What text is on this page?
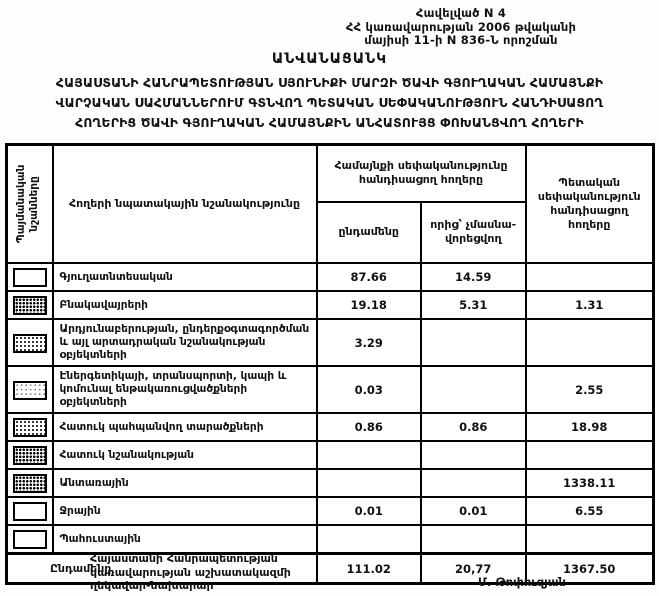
Հավելված N 4
ՀՀ կառավարության 2006 թվականի
մայիսի 11-ի N 836-Ն որոշման
ԱՆՎԱՆԱՑԱՆԿ
ՀԱՅԱՍՏԱՆԻ ՀԱՆՐԱՊԵՏՈՒԹՅԱՆ ՍՅՈՒՆԻՔԻ ՄԱՐԶԻ ԾԱՎԻ ԳՅՈՒՂԱԿԱՆ ՀԱՄԱՅՆՔԻ
ՎԱՐՉԱԿԱՆ ՍԱՀՄԱՆՆԵՐՈՒՄ ԳՏՆՎՈՂ ՊԵՏԱԿԱՆ ՍԵՓԱԿԱՆՈՒԹՅՈՒՆ ՀԱՆԴԻՍԱՑՈՂ
ՀՈՂԵՐԻՑ ԾԱՎԻ ԳՅՈՒՂԱԿԱՆ ՀԱՄԱՅՆՔԻՆ ԱՆՀԱՏՈՒՅՑ ՓՈԽԱՆՑՎՈՂ ՀՈՂԵՐԻ
Պայմանական նշանները	Հողերի նպատակային նշանակությունը	Համայնքի սեփականությունը հանդիսացող հողերը		Պետական սեփականություն հանդիսացող հողերը
		ընդամենը	որից՝ չմասնա-վորեցվող	
	Գյուղատնտեսական	87.66	14.59	
	Բնակավայրերի	19.18	5.31	1.31
	Արդյունաբերության, ընդերքօգտագործման և այլ արտադրական նշանակության օբյեկտների	3.29		
	Էներգետիկայի, տրանսպորտի, կապի և կոմունալ ենթակառուցվածքների օբյեկտների	0.03		2.55
	Հատուկ պահպանվող տարածքների	0.86	0.86	18.98
	Հատուկ նշանակության			
	Անտառային			1338.11
	Ջրային	0.01	0.01	6.55
	Պահուստային			
Ընդամենը		111.02	20,77	1367.50
Հայաստանի Հանրապետության
կառավարության աշխատակազմի
ղեկավար-նախարար	Մ. Թոփուզյան
